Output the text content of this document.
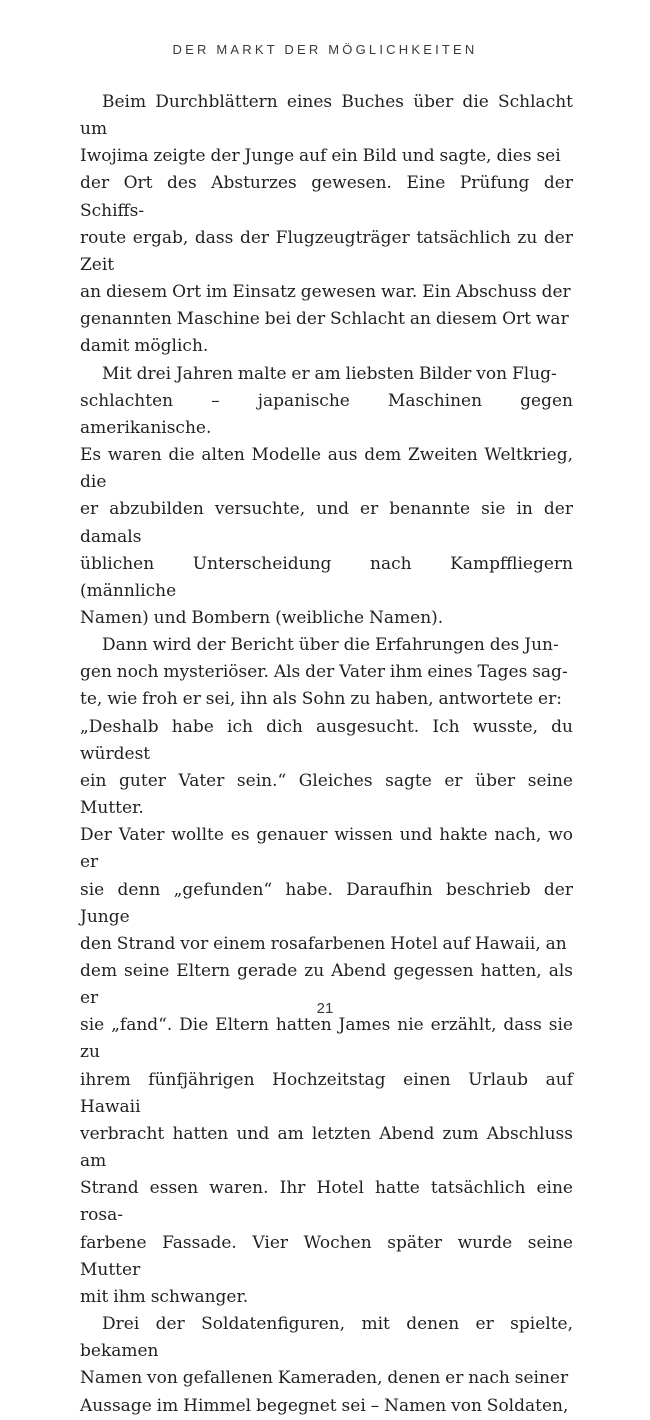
DER MARKT DER MÖGLICHKEITEN

Beim Durchblättern eines Buches über die Schlacht um
Iwojima zeigte der Junge auf ein Bild und sagte, dies sei
der Ort des Absturzes gewesen. Eine Prüfung der Schiffs-
route ergab, dass der Flugzeugträger tatsächlich zu der Zeit
an diesem Ort im Einsatz gewesen war. Ein Abschuss der
genannten Maschine bei der Schlacht an diesem Ort war
damit möglich.

Mit drei Jahren malte er am liebsten Bilder von Flug-
schlachten – japanische Maschinen gegen amerikanische.
Es waren die alten Modelle aus dem Zweiten Weltkrieg, die
er abzubilden versuchte, und er benannte sie in der damals
üblichen Unterscheidung nach Kampffliegern (männliche
Namen) und Bombern (weibliche Namen).

Dann wird der Bericht über die Erfahrungen des Jun-
gen noch mysteriöser. Als der Vater ihm eines Tages sag-
te, wie froh er sei, ihn als Sohn zu haben, antwortete er:
„Deshalb habe ich dich ausgesucht. Ich wusste, du würdest
ein guter Vater sein.“ Gleiches sagte er über seine Mutter.
Der Vater wollte es genauer wissen und hakte nach, wo er
sie denn „gefunden“ habe. Daraufhin beschrieb der Junge
den Strand vor einem rosafarbenen Hotel auf Hawaii, an
dem seine Eltern gerade zu Abend gegessen hatten, als er
sie „fand“. Die Eltern hatten James nie erzählt, dass sie zu
ihrem fünfjährigen Hochzeitstag einen Urlaub auf Hawaii
verbracht hatten und am letzten Abend zum Abschluss am
Strand essen waren. Ihr Hotel hatte tatsächlich eine rosa-
farbene Fassade. Vier Wochen später wurde seine Mutter
mit ihm schwanger.

Drei der Soldatenfiguren, mit denen er spielte, bekamen
Namen von gefallenen Kameraden, denen er nach seiner
Aussage im Himmel begegnet sei – Namen von Soldaten,

21
